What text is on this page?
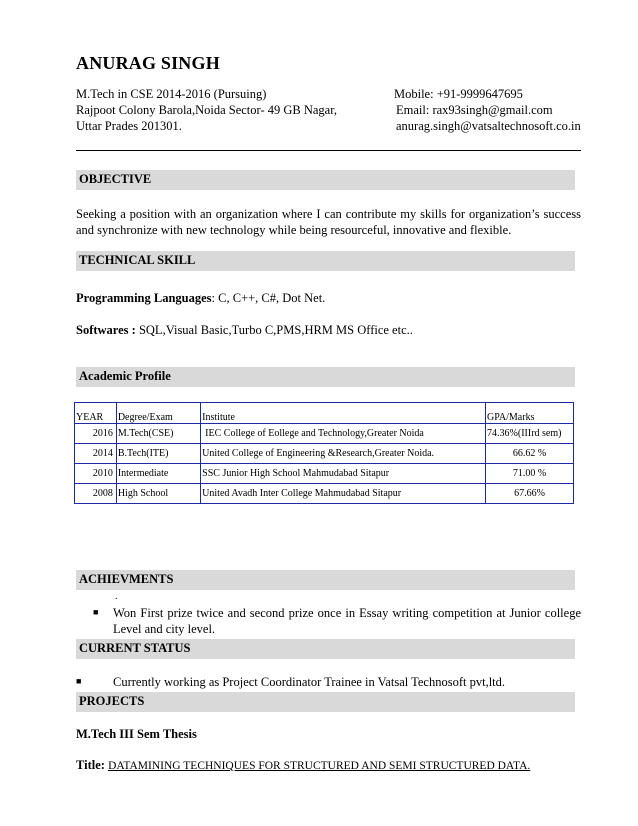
ANURAG SINGH
M.Tech in CSE 2014-2016 (Pursuing)
Rajpoot Colony Barola,Noida Sector- 49 GB Nagar,
Uttar Prades 201301.
Mobile: +91-9999647695
Email: rax93singh@gmail.com
anurag.singh@vatsaltechnosoft.co.in
OBJECTIVE
Seeking a position with an organization where I can contribute my skills for organization’s success and synchronize with new technology while being resourceful, innovative and flexible.
TECHNICAL SKILL
Programming Languages: C, C++, C#, Dot Net.
Softwares : SQL,Visual Basic,Turbo C,PMS,HRM MS Office etc..
Academic Profile
YEAR	Degree/Exam	Institute	GPA/Marks
2016	M.Tech(CSE)	IEC College of Eollege and Technology,Greater Noida	74.36%(IIIrd sem)
2014	B.Tech(ITE)	United College of Engineering &Research,Greater Noida.	66.62 %
2010	Intermediate	SSC Junior High School Mahmudabad Sitapur	71.00 %
2008	High School	United Avadh Inter College Mahmudabad Sitapur	67.66%
ACHIEVMENTS
.
■ Won First prize twice and second prize once in Essay writing competition at Junior college Level and city level.
CURRENT STATUS
■	Currently working as Project Coordinator Trainee in Vatsal Technosoft pvt,ltd.
PROJECTS
M.Tech III Sem Thesis
Title: DATAMINING TECHNIQUES FOR STRUCTURED AND SEMI STRUCTURED DATA.
